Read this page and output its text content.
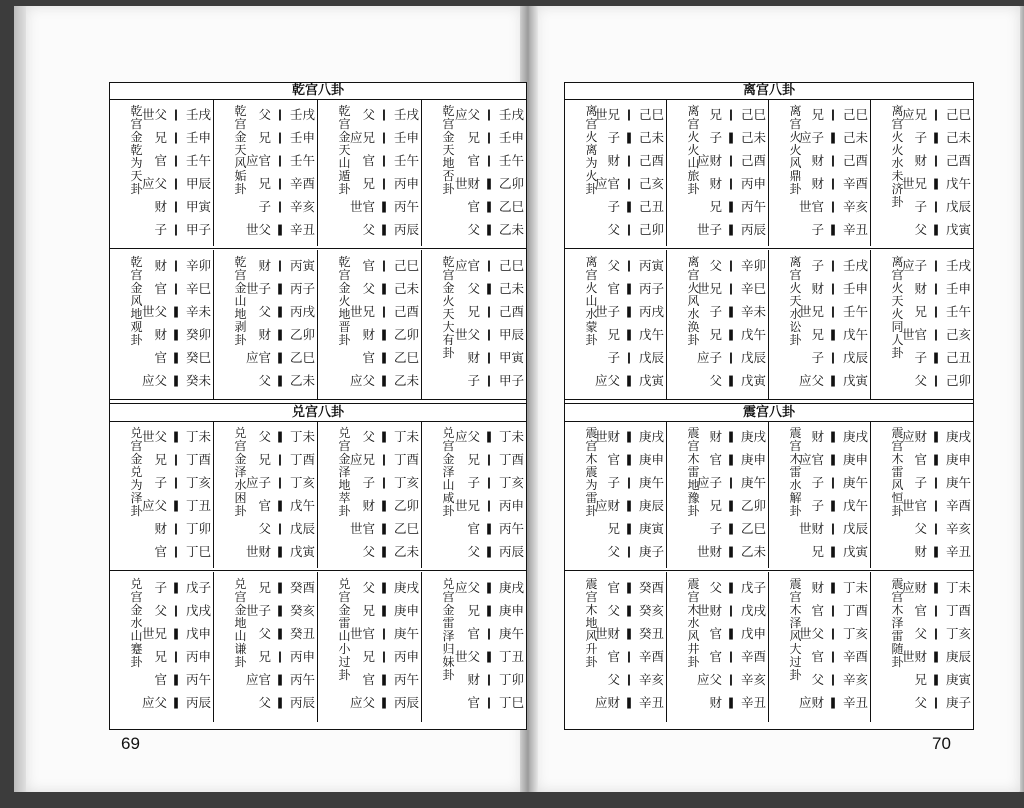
乾宫八卦
乾
宫
金
乾
为
天
卦
世父 ❙ 壬戌
兄 ❙ 壬申
官 ❙ 壬午
应父 ❙ 甲辰
财 ❙ 甲寅
子 ❙ 甲子
乾
宫
金
天
风
姤
卦
父 ❙ 壬戌
兄 ❙ 壬申
应官 ❙ 壬午
兄 ❙ 辛酉
子 ❙ 辛亥
世父 ❚ 辛丑
乾
宫
金
天
山
遁
卦
父 ❙ 壬戌
应兄 ❙ 壬申
官 ❙ 壬午
兄 ❙ 丙申
世官 ❚ 丙午
父 ❚ 丙辰
乾
宫
金
天
地
否
卦
应父 ❙ 壬戌
兄 ❙ 壬申
官 ❙ 壬午
世财 ❚ 乙卯
官 ❚ 乙巳
父 ❚ 乙未
乾
宫
金
风
地
观
卦
财 ❙ 辛卯
官 ❙ 辛巳
世父 ❚ 辛未
财 ❚ 癸卯
官 ❚ 癸巳
应父 ❚ 癸未
乾
宫
金
山
地
剥
卦
财 ❙ 丙寅
世子 ❚ 丙子
父 ❚ 丙戌
财 ❚ 乙卯
应官 ❚ 乙巳
父 ❚ 乙未
乾
宫
金
火
地
晋
卦
官 ❙ 己巳
父 ❚ 己未
世兄 ❙ 己酉
财 ❚ 乙卯
官 ❚ 乙巳
应父 ❚ 乙未
乾
宫
金
火
天
大
有
卦
应官 ❙ 己巳
父 ❚ 己未
兄 ❙ 己酉
世父 ❙ 甲辰
财 ❙ 甲寅
子 ❙ 甲子
兑宫八卦
兑
宫
金
兑
为
泽
卦
世父 ❚ 丁未
兄 ❙ 丁酉
子 ❙ 丁亥
应父 ❚ 丁丑
财 ❙ 丁卯
官 ❙ 丁巳
兑
宫
金
泽
水
困
卦
父 ❚ 丁未
兄 ❙ 丁酉
应子 ❙ 丁亥
官 ❚ 戊午
父 ❙ 戊辰
世财 ❚ 戊寅
兑
宫
金
泽
地
萃
卦
父 ❚ 丁未
应兄 ❙ 丁酉
子 ❙ 丁亥
财 ❚ 乙卯
世官 ❚ 乙巳
父 ❚ 乙未
兑
宫
金
泽
山
咸
卦
应父 ❚ 丁未
兄 ❙ 丁酉
子 ❙ 丁亥
世兄 ❙ 丙申
官 ❚ 丙午
父 ❚ 丙辰
兑
宫
金
水
山
蹇
卦
子 ❚ 戊子
父 ❙ 戊戌
世兄 ❚ 戊申
兄 ❙ 丙申
官 ❚ 丙午
应父 ❚ 丙辰
兑
宫
金
地
山
谦
卦
兄 ❚ 癸酉
世子 ❚ 癸亥
父 ❚ 癸丑
兄 ❙ 丙申
应官 ❚ 丙午
父 ❚ 丙辰
兑
宫
金
雷
山
小
过
卦
父 ❚ 庚戌
兄 ❚ 庚申
世官 ❙ 庚午
兄 ❙ 丙申
官 ❚ 丙午
应父 ❚ 丙辰
兑
宫
金
雷
泽
归
妹
卦
应父 ❚ 庚戌
兄 ❚ 庚申
官 ❙ 庚午
世父 ❚ 丁丑
财 ❙ 丁卯
官 ❙ 丁巳
离宫八卦
离
宫
火
离
为
火
卦
世兄 ❙ 己巳
子 ❚ 己未
财 ❙ 己酉
应官 ❙ 己亥
子 ❚ 己丑
父 ❙ 己卯
离
宫
火
火
山
旅
卦
兄 ❙ 己巳
子 ❚ 己未
应财 ❙ 己酉
财 ❙ 丙申
兄 ❚ 丙午
世子 ❚ 丙辰
离
宫
火
火
风
鼎
卦
兄 ❙ 己巳
应子 ❚ 己未
财 ❙ 己酉
财 ❙ 辛酉
世官 ❙ 辛亥
子 ❚ 辛丑
离
宫
火
火
水
未
济
卦
应兄 ❙ 己巳
子 ❚ 己未
财 ❙ 己酉
世兄 ❚ 戊午
子 ❙ 戊辰
父 ❚ 戊寅
离
宫
火
山
水
蒙
卦
父 ❙ 丙寅
官 ❚ 丙子
世子 ❚ 丙戌
兄 ❚ 戊午
子 ❙ 戊辰
应父 ❚ 戊寅
离
宫
火
风
水
涣
卦
父 ❙ 辛卯
世兄 ❙ 辛巳
子 ❚ 辛未
兄 ❚ 戊午
应子 ❙ 戊辰
父 ❚ 戊寅
离
宫
火
天
水
讼
卦
子 ❙ 壬戌
财 ❙ 壬申
世兄 ❙ 壬午
兄 ❚ 戊午
子 ❙ 戊辰
应父 ❚ 戊寅
离
宫
火
天
火
同
人
卦
应子 ❙ 壬戌
财 ❙ 壬申
兄 ❙ 壬午
世官 ❙ 己亥
子 ❚ 己丑
父 ❙ 己卯
震宫八卦
震
宫
木
震
为
雷
卦
世财 ❚ 庚戌
官 ❚ 庚申
子 ❙ 庚午
应财 ❚ 庚辰
兄 ❚ 庚寅
父 ❙ 庚子
震
宫
木
雷
地
豫
卦
财 ❚ 庚戌
官 ❚ 庚申
应子 ❙ 庚午
兄 ❚ 乙卯
子 ❚ 乙巳
世财 ❚ 乙未
震
宫
木
雷
水
解
卦
财 ❚ 庚戌
应官 ❚ 庚申
子 ❙ 庚午
子 ❚ 戊午
世财 ❙ 戊辰
兄 ❚ 戊寅
震
宫
木
雷
风
恒
卦
应财 ❚ 庚戌
官 ❚ 庚申
子 ❙ 庚午
世官 ❙ 辛酉
父 ❙ 辛亥
财 ❚ 辛丑
震
宫
木
地
风
升
卦
官 ❚ 癸酉
父 ❚ 癸亥
世财 ❚ 癸丑
官 ❙ 辛酉
父 ❙ 辛亥
应财 ❚ 辛丑
震
宫
木
水
风
井
卦
父 ❚ 戊子
世财 ❙ 戊戌
官 ❚ 戊申
官 ❙ 辛酉
应父 ❙ 辛亥
财 ❚ 辛丑
震
宫
木
泽
风
大
过
卦
财 ❚ 丁未
官 ❙ 丁酉
世父 ❙ 丁亥
官 ❙ 辛酉
父 ❙ 辛亥
应财 ❚ 辛丑
震
宫
木
泽
雷
随
卦
应财 ❚ 丁未
官 ❙ 丁酉
父 ❙ 丁亥
世财 ❚ 庚辰
兄 ❚ 庚寅
父 ❙ 庚子
69	70
